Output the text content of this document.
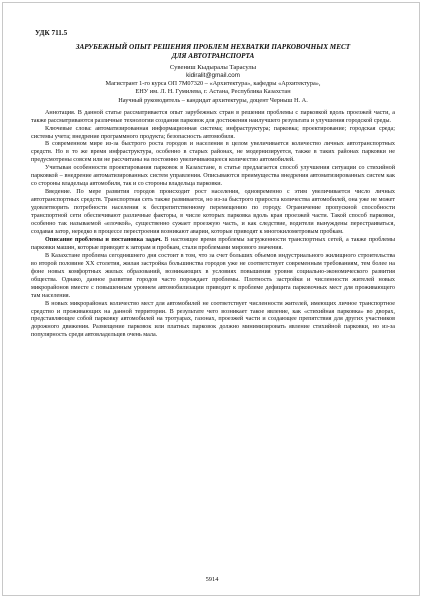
УДК 711.5
ЗАРУБЕЖНЫЙ ОПЫТ РЕШЕНИЯ ПРОБЛЕМ НЕХВАТКИ ПАРКОВОЧНЫХ МЕСТ
ДЛЯ АВТОТРАНСПОРТА
Сувениш Кыдыралы Тарасулы
kidiralit@gmail.com
Магистрант 1-го курса ОП 7М07320 – «Архитектура», кафедры «Архитектура»,
ЕНУ им. Л. Н. Гумилева, г. Астана, Республика Казахстан
Научный руководитель – кандидат архитектуры, доцент Черныш Н. А.

Аннотация. В данной статье рассматривается опыт зарубежных стран в решении проблемы с парковкой вдоль проезжей части, а также рассматриваются различные технологии создания парковок для достижения наилучшего результата и улучшения городской среды.

Ключевые слова: автоматизированная информационная система; инфраструктура; парковка; проектирование; городская среда; системы учета; внедрение программного продукта; безопасность автомобиля.

В современном мире из-за быстрого роста городов и населения в целом увеличивается количество личных автотранспортных средств. Но в то же время инфраструктура, особенно в старых районах, не модернизируется, также в таких районах парковки не предусмотрены совсем или не рассчитаны на постоянно увеличивающееся количество автомобилей.

Учитывая особенности проектирования парковок в Казахстане, в статье предлагается способ улучшения ситуации со стихийной парковкой – внедрение автоматизированных систем управления. Описываются преимущества внедрения автоматизированных систем как со стороны владельца автомобиля, так и со стороны владельца парковки.

Введение. По мере развития городов происходит рост населения, одновременно с этим увеличивается число личных автотранспортных средств. Транспортная сеть также развивается, но из-за быстрого прироста количества автомобилей, она уже не может удовлетворить потребности населения к беспрепятственному перемещению по городу. Ограничение пропускной способности транспортной сети обеспечивают различные факторы, в числе которых парковка вдоль края проезжей части. Такой способ парковки, особенно так называемой «елочкой», существенно сужает проезжую часть, и как следствие, водители вынуждены перестраиваться, создавая затор, нередко в процессе перестроения возникают аварии, которые приводят к многокилометровым пробкам.

Описание проблемы и постановка задач. В настоящее время проблемы загруженности транспортных сетей, а также проблемы парковки машин, которые приводят к заторам и пробкам, стали проблемами мирового значения.

В Казахстане проблема сегодняшнего дня состоит в том, что за счет больших объемов индустриального жилищного строительства во второй половине XX столетия, жилая застройка большинства городов уже не соответствует современным требованиям, тем более на фоне новых комфортных жилых образований, возникающих в условиях повышения уровня социально-экономического развития общества. Однако, данное развитие городов часто порождает проблемы. Плотность застройки и численности жителей новых микрорайонов вместе с повышенным уровнем автомобилизации приводит к проблеме дефицита парковочных мест для проживающего там населения.

В новых микрорайонах количество мест для автомобилей не соответствует численности жителей, имеющих личное транспортное средство и проживающих на данной территории. В результате чего возникает такое явление, как «стихийная парковка» во дворах, представляющее собой парковку автомобилей на тротуарах, газонах, проезжей части и создающее препятствия для других участников дорожного движения. Размещение парковок или платных парковок должно минимизировать явление стихийной парковки, но из-за популярность среди автовладельцев очень мала.

5914
